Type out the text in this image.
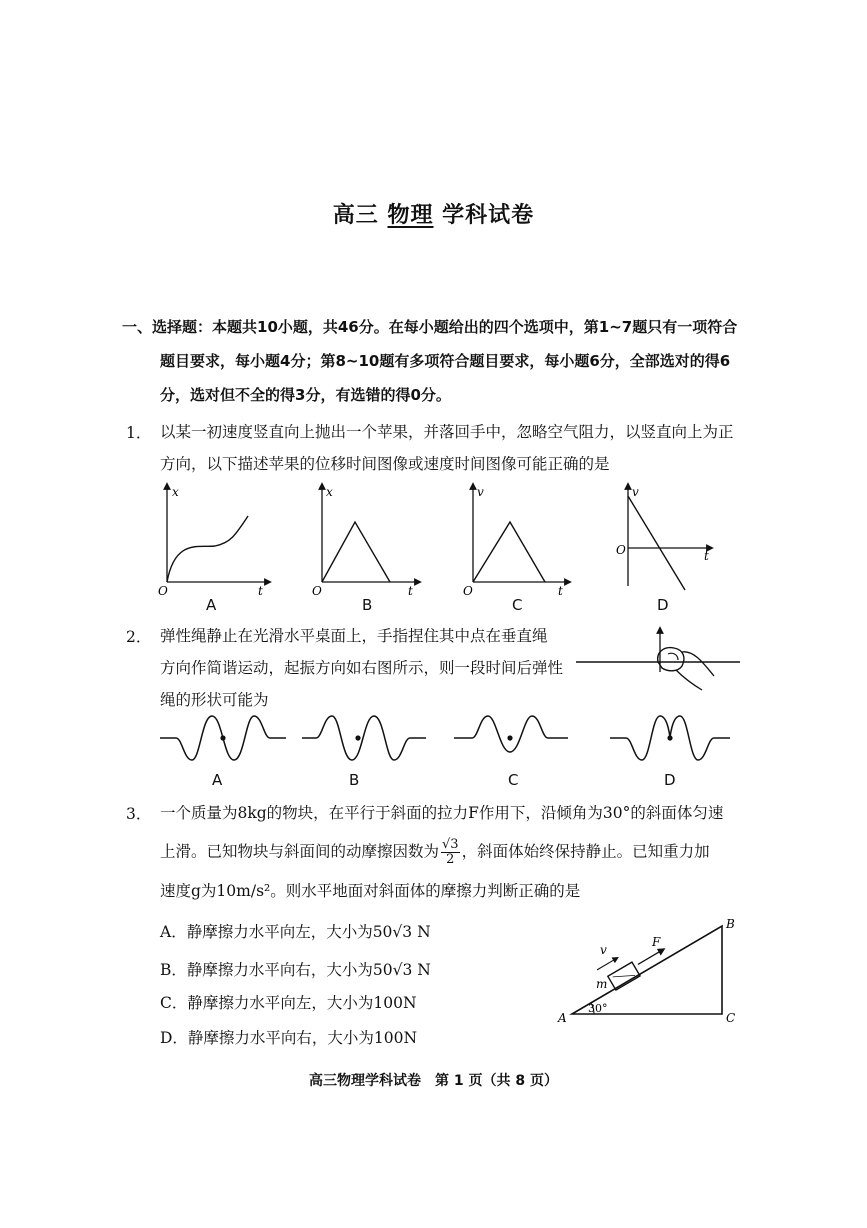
高三 物理 学科试卷
一、选择题：本题共10小题，共46分。在每小题给出的四个选项中，第1~7题只有一项符合
题目要求，每小题4分；第8~10题有多项符合题目要求，每小题6分，全部选对的得6
分，选对但不全的得3分，有选错的得0分。
1． 以某一初速度竖直向上抛出一个苹果，并落回手中，忽略空气阻力，以竖直向上为正
方向，以下描述苹果的位移时间图像或速度时间图像可能正确的是
x
O	t
x
O	t
v
O	t
v
O	t
A	B	C	D
2． 弹性绳静止在光滑水平桌面上，手指捏住其中点在垂直绳
方向作简谐运动，起振方向如右图所示，则一段时间后弹性
绳的形状可能为
A	B	C	D
3． 一个质量为8kg的物块，在平行于斜面的拉力F作用下，沿倾角为30°的斜面体匀速
上滑。已知物块与斜面间的动摩擦因数为 $\frac{√3}{2}$ ，斜面体始终保持静止。已知重力加
速度g为10m/s²。则水平地面对斜面体的摩擦力判断正确的是
A．静摩擦力水平向左，大小为50√3 N
B．静摩擦力水平向右，大小为50√3 N
C．静摩擦力水平向左，大小为100N
D．静摩擦力水平向右，大小为100N
30°
F
v
m
A
B
C
高三物理学科试卷　第 1 页（共 8 页）
